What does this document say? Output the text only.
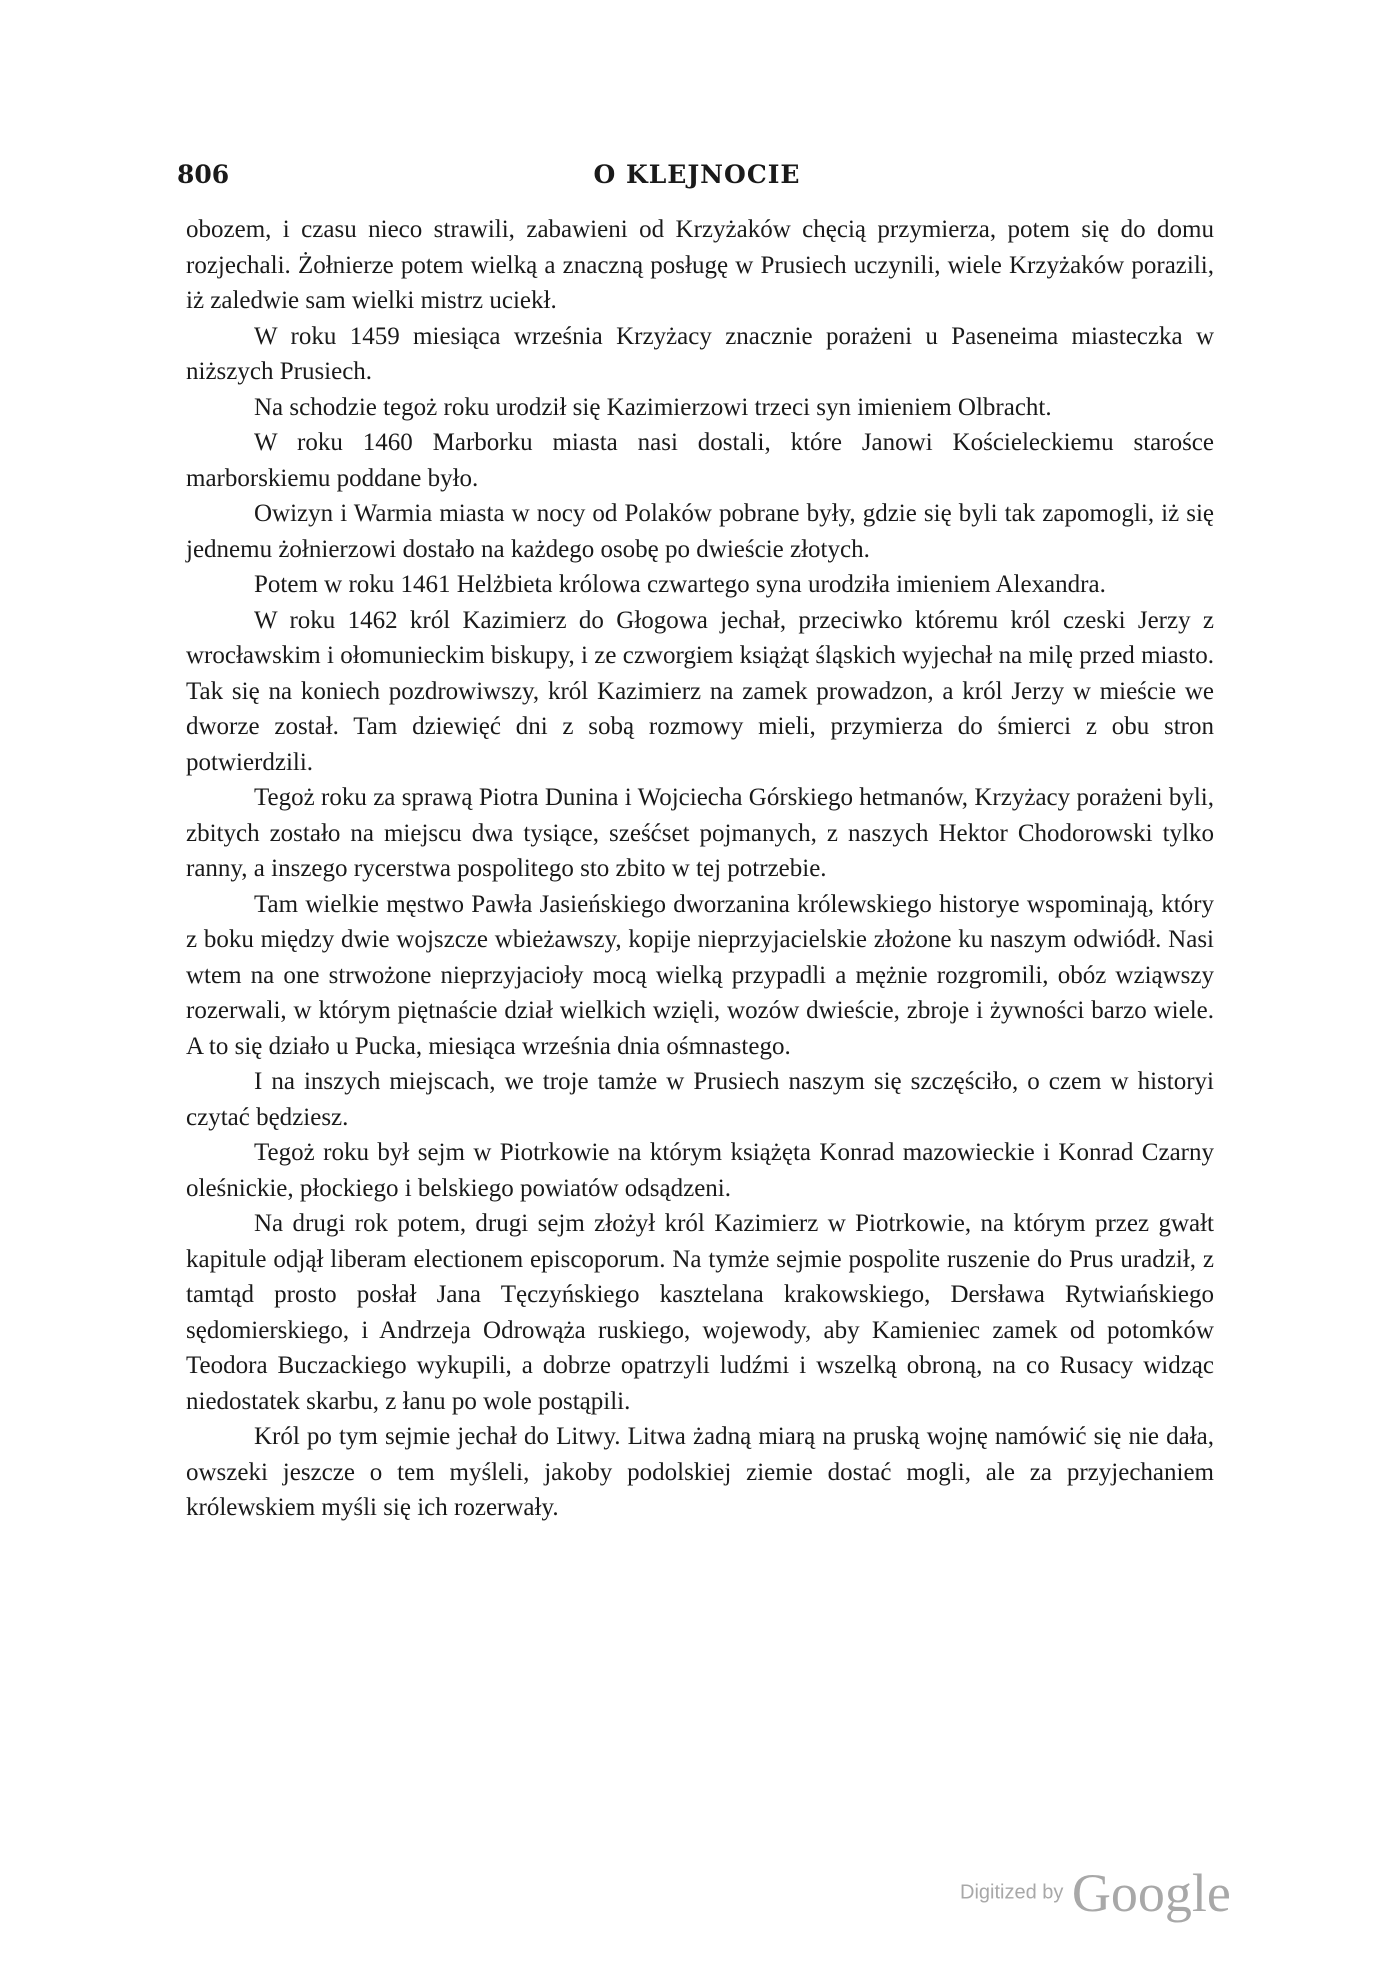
806	O KLEJNOCIE

obozem, i czasu nieco strawili, zabawieni od Krzyżaków chęcią przymierza, potem się do domu rozjechali. Żołnierze potem wielką a znaczną posługę w Prusiech uczynili, wiele Krzyżaków porazili, iż zaledwie sam wielki mistrz uciekł.

W roku 1459 miesiąca września Krzyżacy znacznie porażeni u Paseneima miasteczka w niższych Prusiech.

Na schodzie tegoż roku urodził się Kazimierzowi trzeci syn imieniem Olbracht.

W roku 1460 Marborku miasta nasi dostali, które Janowi Kościeleckiemu starośce marborskiemu poddane było.

Owizyn i Warmia miasta w nocy od Polaków pobrane były, gdzie się byli tak zapomogli, iż się jednemu żołnierzowi dostało na każdego osobę po dwieście złotych.

Potem w roku 1461 Helżbieta królowa czwartego syna urodziła imieniem Alexandra.

W roku 1462 król Kazimierz do Głogowa jechał, przeciwko któremu król czeski Jerzy z wrocławskim i ołomunieckim biskupy, i ze czworgiem książąt śląskich wyjechał na milę przed miasto. Tak się na koniech pozdrowiwszy, król Kazimierz na zamek prowadzon, a król Jerzy w mieście we dworze został. Tam dziewięć dni z sobą rozmowy mieli, przymierza do śmierci z obu stron potwierdzili.

Tegoż roku za sprawą Piotra Dunina i Wojciecha Górskiego hetmanów, Krzyżacy porażeni byli, zbitych zostało na miejscu dwa tysiące, sześćset pojmanych, z naszych Hektor Chodorowski tylko ranny, a inszego rycerstwa pospolitego sto zbito w tej potrzebie.

Tam wielkie męstwo Pawła Jasieńskiego dworzanina królewskiego historye wspominają, który z boku między dwie wojszcze wbieżawszy, kopije nieprzyjacielskie złożone ku naszym odwiódł. Nasi wtem na one strwożone nieprzyjacioły mocą wielką przypadli a mężnie rozgromili, obóz wziąwszy rozerwali, w którym piętnaście dział wielkich wzięli, wozów dwieście, zbroje i żywności barzo wiele. A to się działo u Pucka, miesiąca września dnia ośmnastego.

I na inszych miejscach, we troje tamże w Prusiech naszym się szczęściło, o czem w historyi czytać będziesz.

Tegoż roku był sejm w Piotrkowie na którym książęta Konrad mazowieckie i Konrad Czarny oleśnickie, płockiego i belskiego powiatów odsądzeni.

Na drugi rok potem, drugi sejm złożył król Kazimierz w Piotrkowie, na którym przez gwałt kapitule odjął liberam electionem episcoporum. Na tymże sejmie pospolite ruszenie do Prus uradził, z tamtąd prosto posłał Jana Tęczyńskiego kasztelana krakowskiego, Dersława Rytwiańskiego sędomierskiego, i Andrzeja Odrowąża ruskiego, wojewody, aby Kamieniec zamek od potomków Teodora Buczackiego wykupili, a dobrze opatrzyli ludźmi i wszelką obroną, na co Rusacy widząc niedostatek skarbu, z łanu po wole postąpili.

Król po tym sejmie jechał do Litwy. Litwa żadną miarą na pruską wojnę namówić się nie dała, owszeki jeszcze o tem myśleli, jakoby podolskiej ziemie dostać mogli, ale za przyjechaniem królewskiem myśli się ich rozerwały.

Digitized by Google
